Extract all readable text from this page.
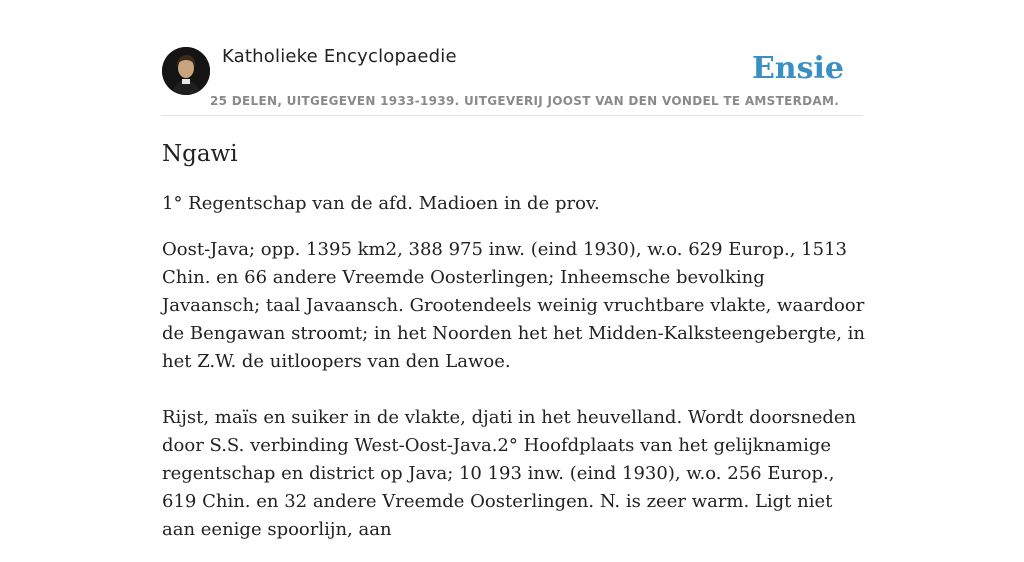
Katholieke Encyclopaedie	Ensie
25 DELEN, UITGEGEVEN 1933-1939. UITGEVERIJ JOOST VAN DEN VONDEL TE AMSTERDAM.
Ngawi

1° Regentschap van de afd. Madioen in de prov.

Oost-Java; opp. 1395 km2, 388 975 inw. (eind 1930), w.o. 629 Europ., 1513 Chin. en 66 andere Vreemde Oosterlingen; Inheemsche bevolking Javaansch; taal Javaansch. Grootendeels weinig vruchtbare vlakte, waardoor de Bengawan stroomt; in het Noorden het het Midden-Kalksteengebergte, in het Z.W. de uitloopers van den Lawoe.

Rijst, maïs en suiker in de vlakte, djati in het heuvelland. Wordt doorsneden door S.S. verbinding West-Oost-Java.2° Hoofdplaats van het gelijknamige regentschap en district op Java; 10 193 inw. (eind 1930), w.o. 256 Europ., 619 Chin. en 32 andere Vreemde Oosterlingen. N. is zeer warm. Ligt niet aan eenige spoorlijn, aan
